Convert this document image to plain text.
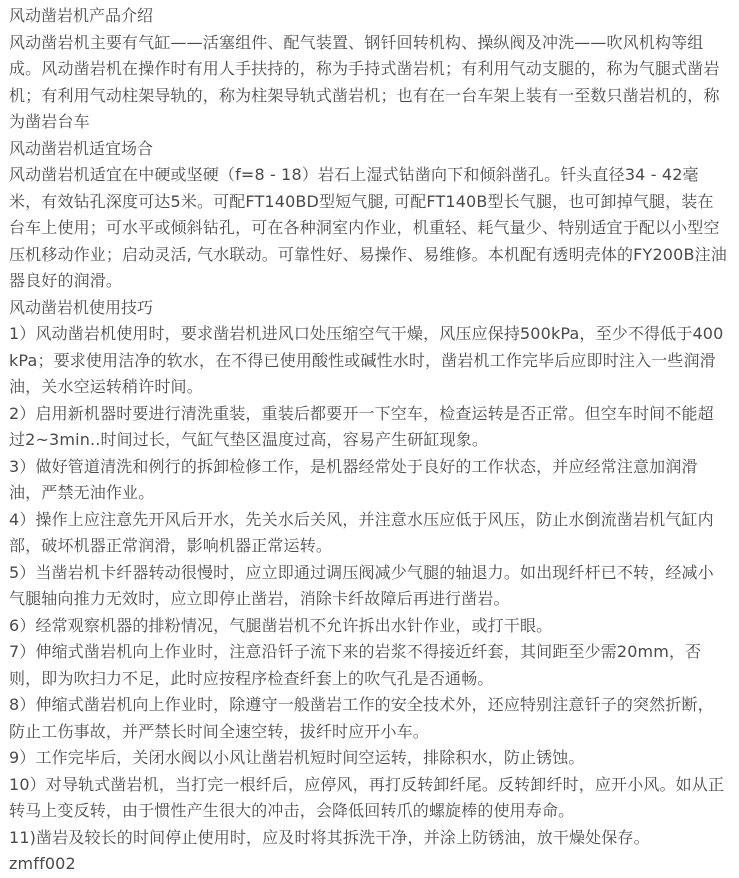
风动凿岩机产品介绍

风动凿岩机主要有气缸——活塞组件、配气装置、钢钎回转机构、操纵阀及冲洗——吹风机构等组成。风动凿岩机在操作时有用人手扶持的，称为手持式凿岩机；有利用气动支腿的，称为气腿式凿岩机；有利用气动柱架导轨的，称为柱架导轨式凿岩机；也有在一台车架上装有一至数只凿岩机的，称为凿岩台车

风动凿岩机适宜场合

风动凿岩机适宜在中硬或坚硬（f=8 - 18）岩石上湿式钻凿向下和倾斜凿孔。钎头直径34 - 42毫米，有效钻孔深度可达5米。可配FT140BD型短气腿, 可配FT140B型长气腿，也可卸掉气腿，装在台车上使用；可水平或倾斜钻孔，可在各种洞室内作业，机重轻、耗气量少、特别适宜于配以小型空压机移动作业；启动灵活, 气水联动。可靠性好、易操作、易维修。本机配有透明壳体的FY200B注油器良好的润滑。

风动凿岩机使用技巧

1）风动凿岩机使用时，要求凿岩机进风口处压缩空气干燥，风压应保持500kPa，至少不得低于400kPa；要求使用洁净的软水，在不得已使用酸性或碱性水时，凿岩机工作完毕后应即时注入一些润滑油，关水空运转稍许时间。

2）启用新机器时要进行清洗重装，重装后都要开一下空车，检查运转是否正常。但空车时间不能超过2~3min..时间过长，气缸气垫区温度过高，容易产生研缸现象。

3）做好管道清洗和例行的拆卸检修工作，是机器经常处于良好的工作状态，并应经常注意加润滑油，严禁无油作业。

4）操作上应注意先开风后开水，先关水后关风，并注意水压应低于风压，防止水倒流凿岩机气缸内部，破坏机器正常润滑，影响机器正常运转。

5）当凿岩机卡纤器转动很慢时，应立即通过调压阀减少气腿的轴退力。如出现纤杆已不转，经减小气腿轴向推力无效时，应立即停止凿岩，消除卡纤故障后再进行凿岩。

6）经常观察机器的排粉情况，气腿凿岩机不允许拆出水针作业，或打干眼。

7）伸缩式凿岩机向上作业时，注意沿钎子流下来的岩浆不得接近纤套，其间距至少需20mm，否则，即为吹扫力不足，此时应按程序检查纤套上的吹气孔是否通畅。

8）伸缩式凿岩机向上作业时，除遵守一般凿岩工作的安全技术外，还应特别注意钎子的突然折断，防止工伤事故，并严禁长时间全速空转，拔纤时应开小车。

9）工作完毕后，关闭水阀以小风让凿岩机短时间空运转，排除积水，防止锈蚀。

10）对导轨式凿岩机，当打完一根纤后，应停风，再打反转卸纤尾。反转卸纤时，应开小风。如从正转马上变反转，由于惯性产生很大的冲击，会降低回转爪的螺旋棒的使用寿命。

11)凿岩及较长的时间停止使用时，应及时将其拆洗干净，并涂上防锈油，放干燥处保存。

zmff002
